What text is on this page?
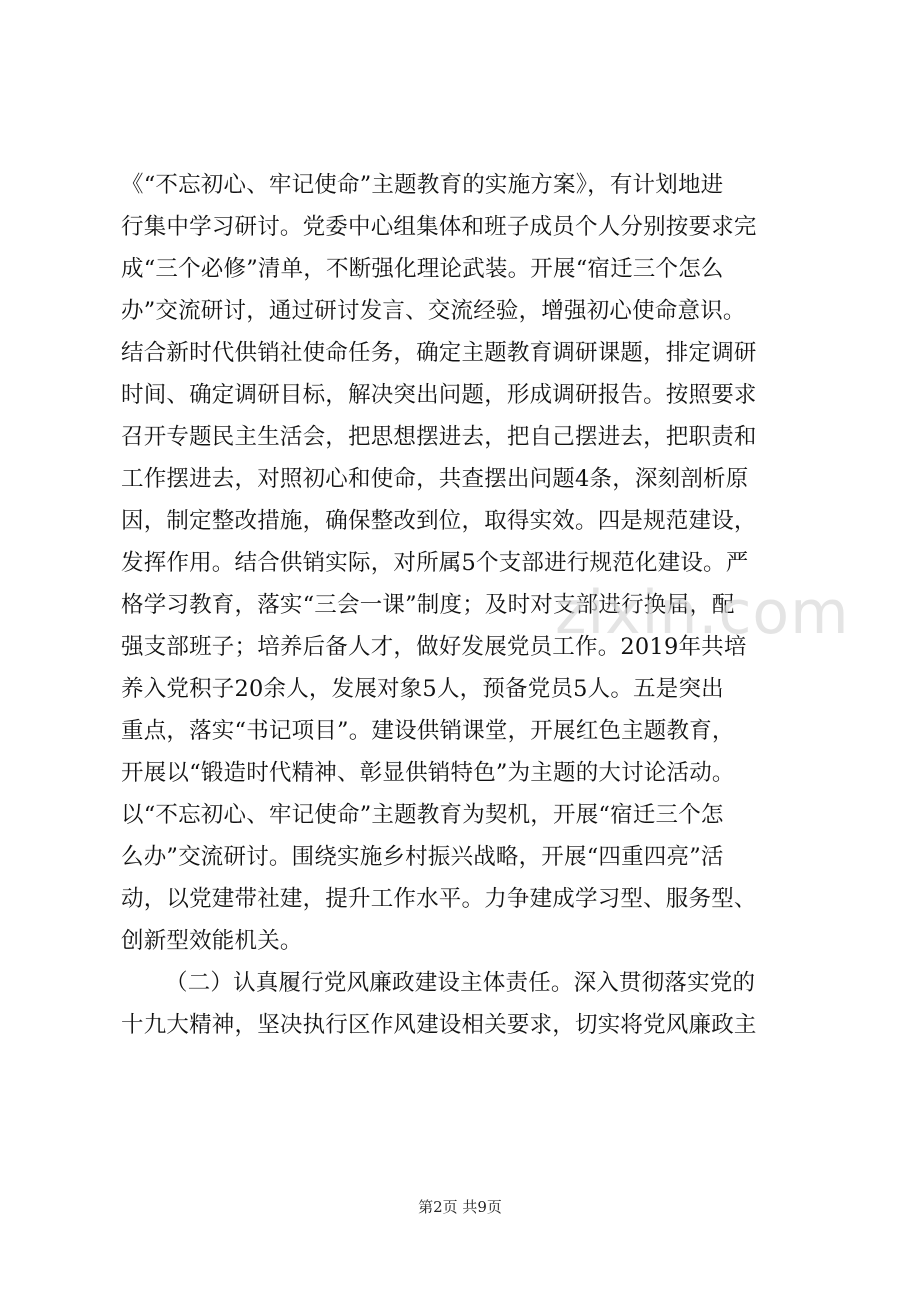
《“不忘初心、牢记使命”主题教育的实施方案》，有计划地进
行集中学习研讨。党委中心组集体和班子成员个人分别按要求完
成“三个必修”清单，不断强化理论武装。开展“宿迁三个怎么
办”交流研讨，通过研讨发言、交流经验，增强初心使命意识。
结合新时代供销社使命任务，确定主题教育调研课题，排定调研
时间、确定调研目标，解决突出问题，形成调研报告。按照要求
召开专题民主生活会，把思想摆进去，把自己摆进去，把职责和
工作摆进去，对照初心和使命，共查摆出问题4条，深刻剖析原
因，制定整改措施，确保整改到位，取得实效。四是规范建设，
发挥作用。结合供销实际，对所属5个支部进行规范化建设。严
格学习教育，落实“三会一课”制度；及时对支部进行换届，配
强支部班子；培养后备人才，做好发展党员工作。2019年共培
养入党积子20余人，发展对象5人，预备党员5人。五是突出
重点，落实“书记项目”。建设供销课堂，开展红色主题教育，
开展以“锻造时代精神、彰显供销特色”为主题的大讨论活动。
以“不忘初心、牢记使命”主题教育为契机，开展“宿迁三个怎
么办”交流研讨。围绕实施乡村振兴战略，开展“四重四亮”活
动，以党建带社建，提升工作水平。力争建成学习型、服务型、
创新型效能机关。
（二）认真履行党风廉政建设主体责任。深入贯彻落实党的
十九大精神，坚决执行区作风建设相关要求，切实将党风廉政主
zixin.com
第2页 共9页
